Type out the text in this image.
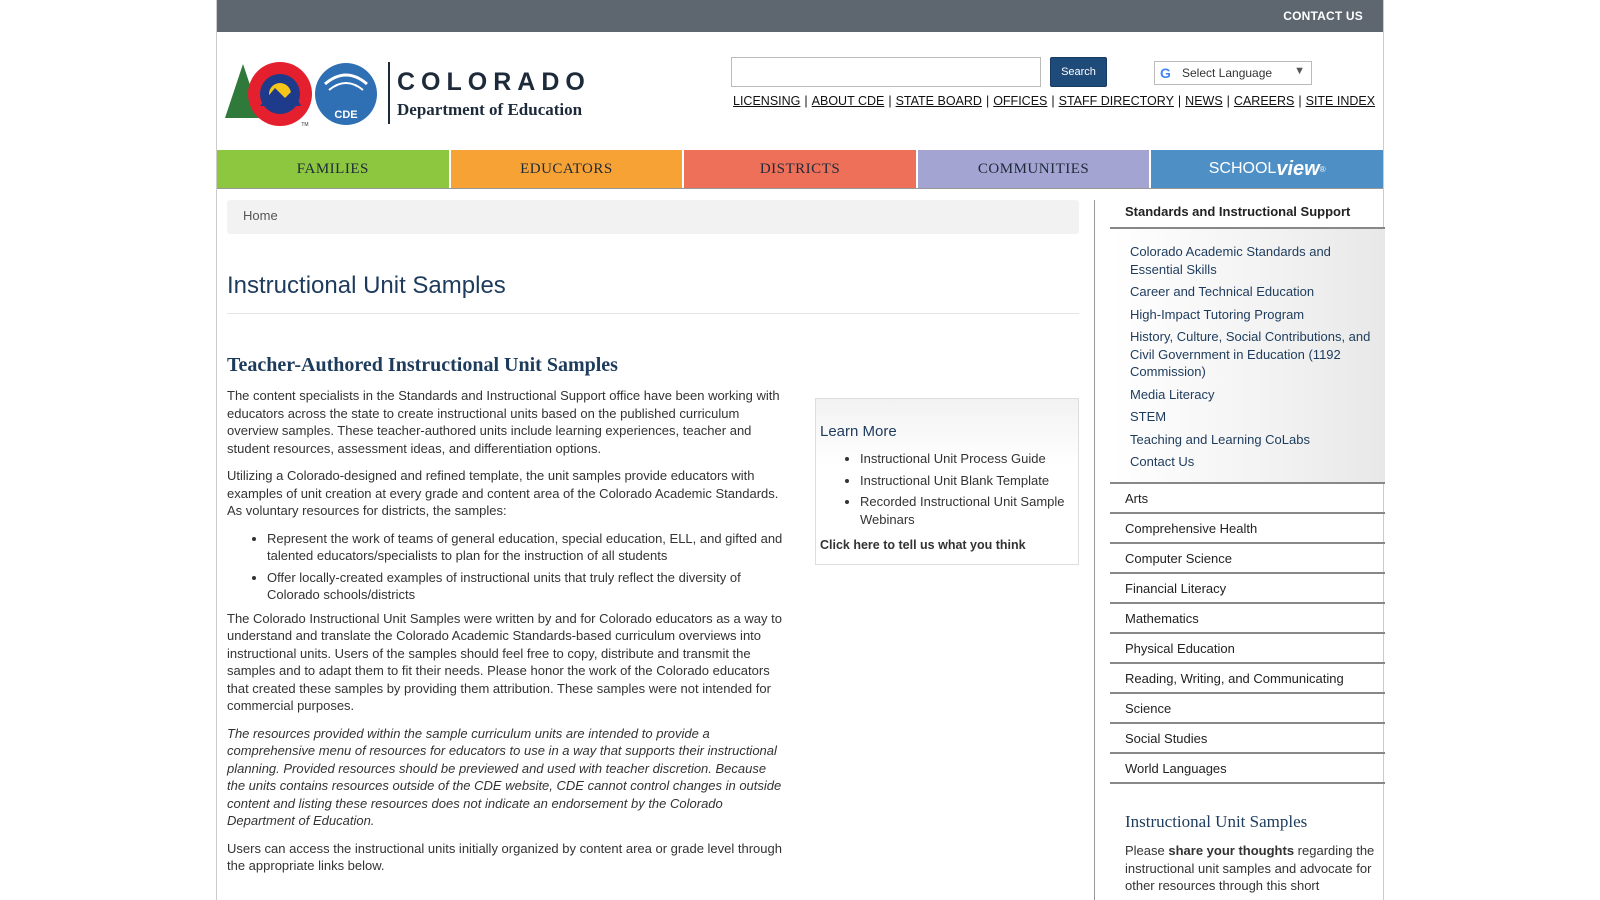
CONTACT US
CDE
TM
COLORADO
Department of Education
Search	G Select Language ▼
LICENSING | ABOUT CDE | STATE BOARD | OFFICES | STAFF DIRECTORY | NEWS | CAREERS | SITE INDEX
FAMILIES	EDUCATORS	DISTRICTS	COMMUNITIES	SCHOOL view ®
Home
Instructional Unit Samples
Teacher-Authored Instructional Unit Samples

The content specialists in the Standards and Instructional Support office have been working with educators across the state to create instructional units based on the published curriculum overview samples. These teacher-authored units include learning experiences, teacher and student resources, assessment ideas, and differentiation options.

Utilizing a Colorado-designed and refined template, the unit samples provide educators with examples of unit creation at every grade and content area of the Colorado Academic Standards. As voluntary resources for districts, the samples:

• Represent the work of teams of general education, special education, ELL, and gifted and talented educators/specialists to plan for the instruction of all students
• Offer locally-created examples of instructional units that truly reflect the diversity of Colorado schools/districts

The Colorado Instructional Unit Samples were written by and for Colorado educators as a way to understand and translate the Colorado Academic Standards-based curriculum overviews into instructional units. Users of the samples should feel free to copy, distribute and transmit the samples and to adapt them to fit their needs. Please honor the work of the Colorado educators that created these samples by providing them attribution. These samples were not intended for commercial purposes.

The resources provided within the sample curriculum units are intended to provide a comprehensive menu of resources for educators to use in a way that supports their instructional planning. Provided resources should be previewed and used with teacher discretion. Because the units contains resources outside of the CDE website, CDE cannot control changes in outside content and listing these resources does not indicate an endorsement by the Colorado Department of Education.

Users can access the instructional units initially organized by content area or grade level through the appropriate links below.

Learn More
• Instructional Unit Process Guide
• Instructional Unit Blank Template
• Recorded Instructional Unit Sample Webinars
Click here to tell us what you think
Standards and Instructional Support
Colorado Academic Standards and Essential Skills
Career and Technical Education
High-Impact Tutoring Program
History, Culture, Social Contributions, and Civil Government in Education (1192 Commission)
Media Literacy
STEM
Teaching and Learning CoLabs
Contact Us
Arts
Comprehensive Health
Computer Science
Financial Literacy
Mathematics
Physical Education
Reading, Writing, and Communicating
Science
Social Studies
World Languages
Instructional Unit Samples
Please share your thoughts regarding the instructional unit samples and advocate for other resources through this short
